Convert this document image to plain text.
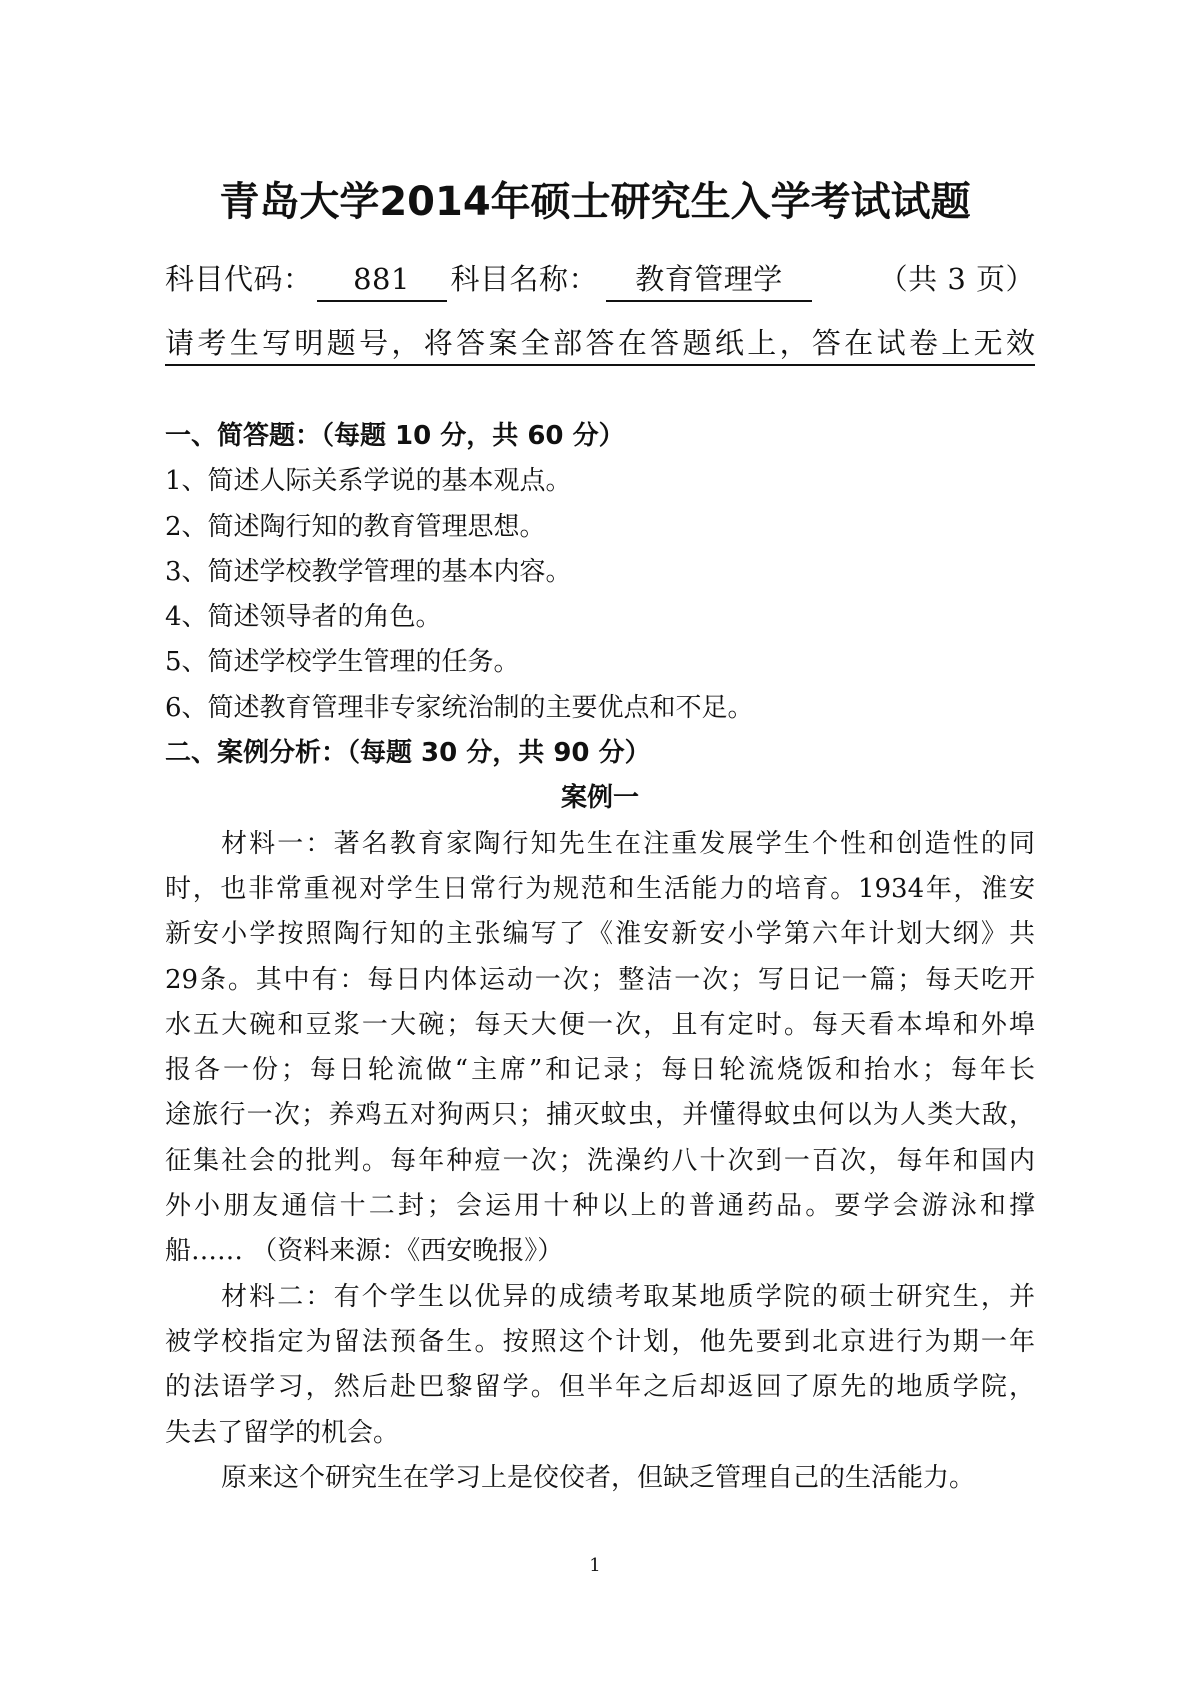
青岛大学2014年硕士研究生入学考试试题
科目代码：	881	科目名称：	教育管理学	（共 3 页）
请考生写明题号，将答案全部答在答题纸上，答在试卷上无效
一、简答题：（每题 10 分，共 60 分）
1、简述人际关系学说的基本观点。
2、简述陶行知的教育管理思想。
3、简述学校教学管理的基本内容。
4、简述领导者的角色。
5、简述学校学生管理的任务。
6、简述教育管理非专家统治制的主要优点和不足。
二、案例分析：（每题 30 分，共 90 分）
案例一
材料一：著名教育家陶行知先生在注重发展学生个性和创造性的同
时，也非常重视对学生日常行为规范和生活能力的培育。1934年，淮安
新安小学按照陶行知的主张编写了《淮安新安小学第六年计划大纲》共
29条。其中有：每日内体运动一次；整洁一次；写日记一篇；每天吃开
水五大碗和豆浆一大碗；每天大便一次，且有定时。每天看本埠和外埠
报各一份；每日轮流做“主席”和记录；每日轮流烧饭和抬水；每年长
途旅行一次；养鸡五对狗两只；捕灭蚊虫，并懂得蚊虫何以为人类大敌，
征集社会的批判。每年种痘一次；洗澡约八十次到一百次，每年和国内
外小朋友通信十二封；会运用十种以上的普通药品。要学会游泳和撑
船…… （资料来源：《西安晚报》）
材料二：有个学生以优异的成绩考取某地质学院的硕士研究生，并
被学校指定为留法预备生。按照这个计划，他先要到北京进行为期一年
的法语学习，然后赴巴黎留学。但半年之后却返回了原先的地质学院，
失去了留学的机会。
原来这个研究生在学习上是佼佼者，但缺乏管理自己的生活能力。
1
